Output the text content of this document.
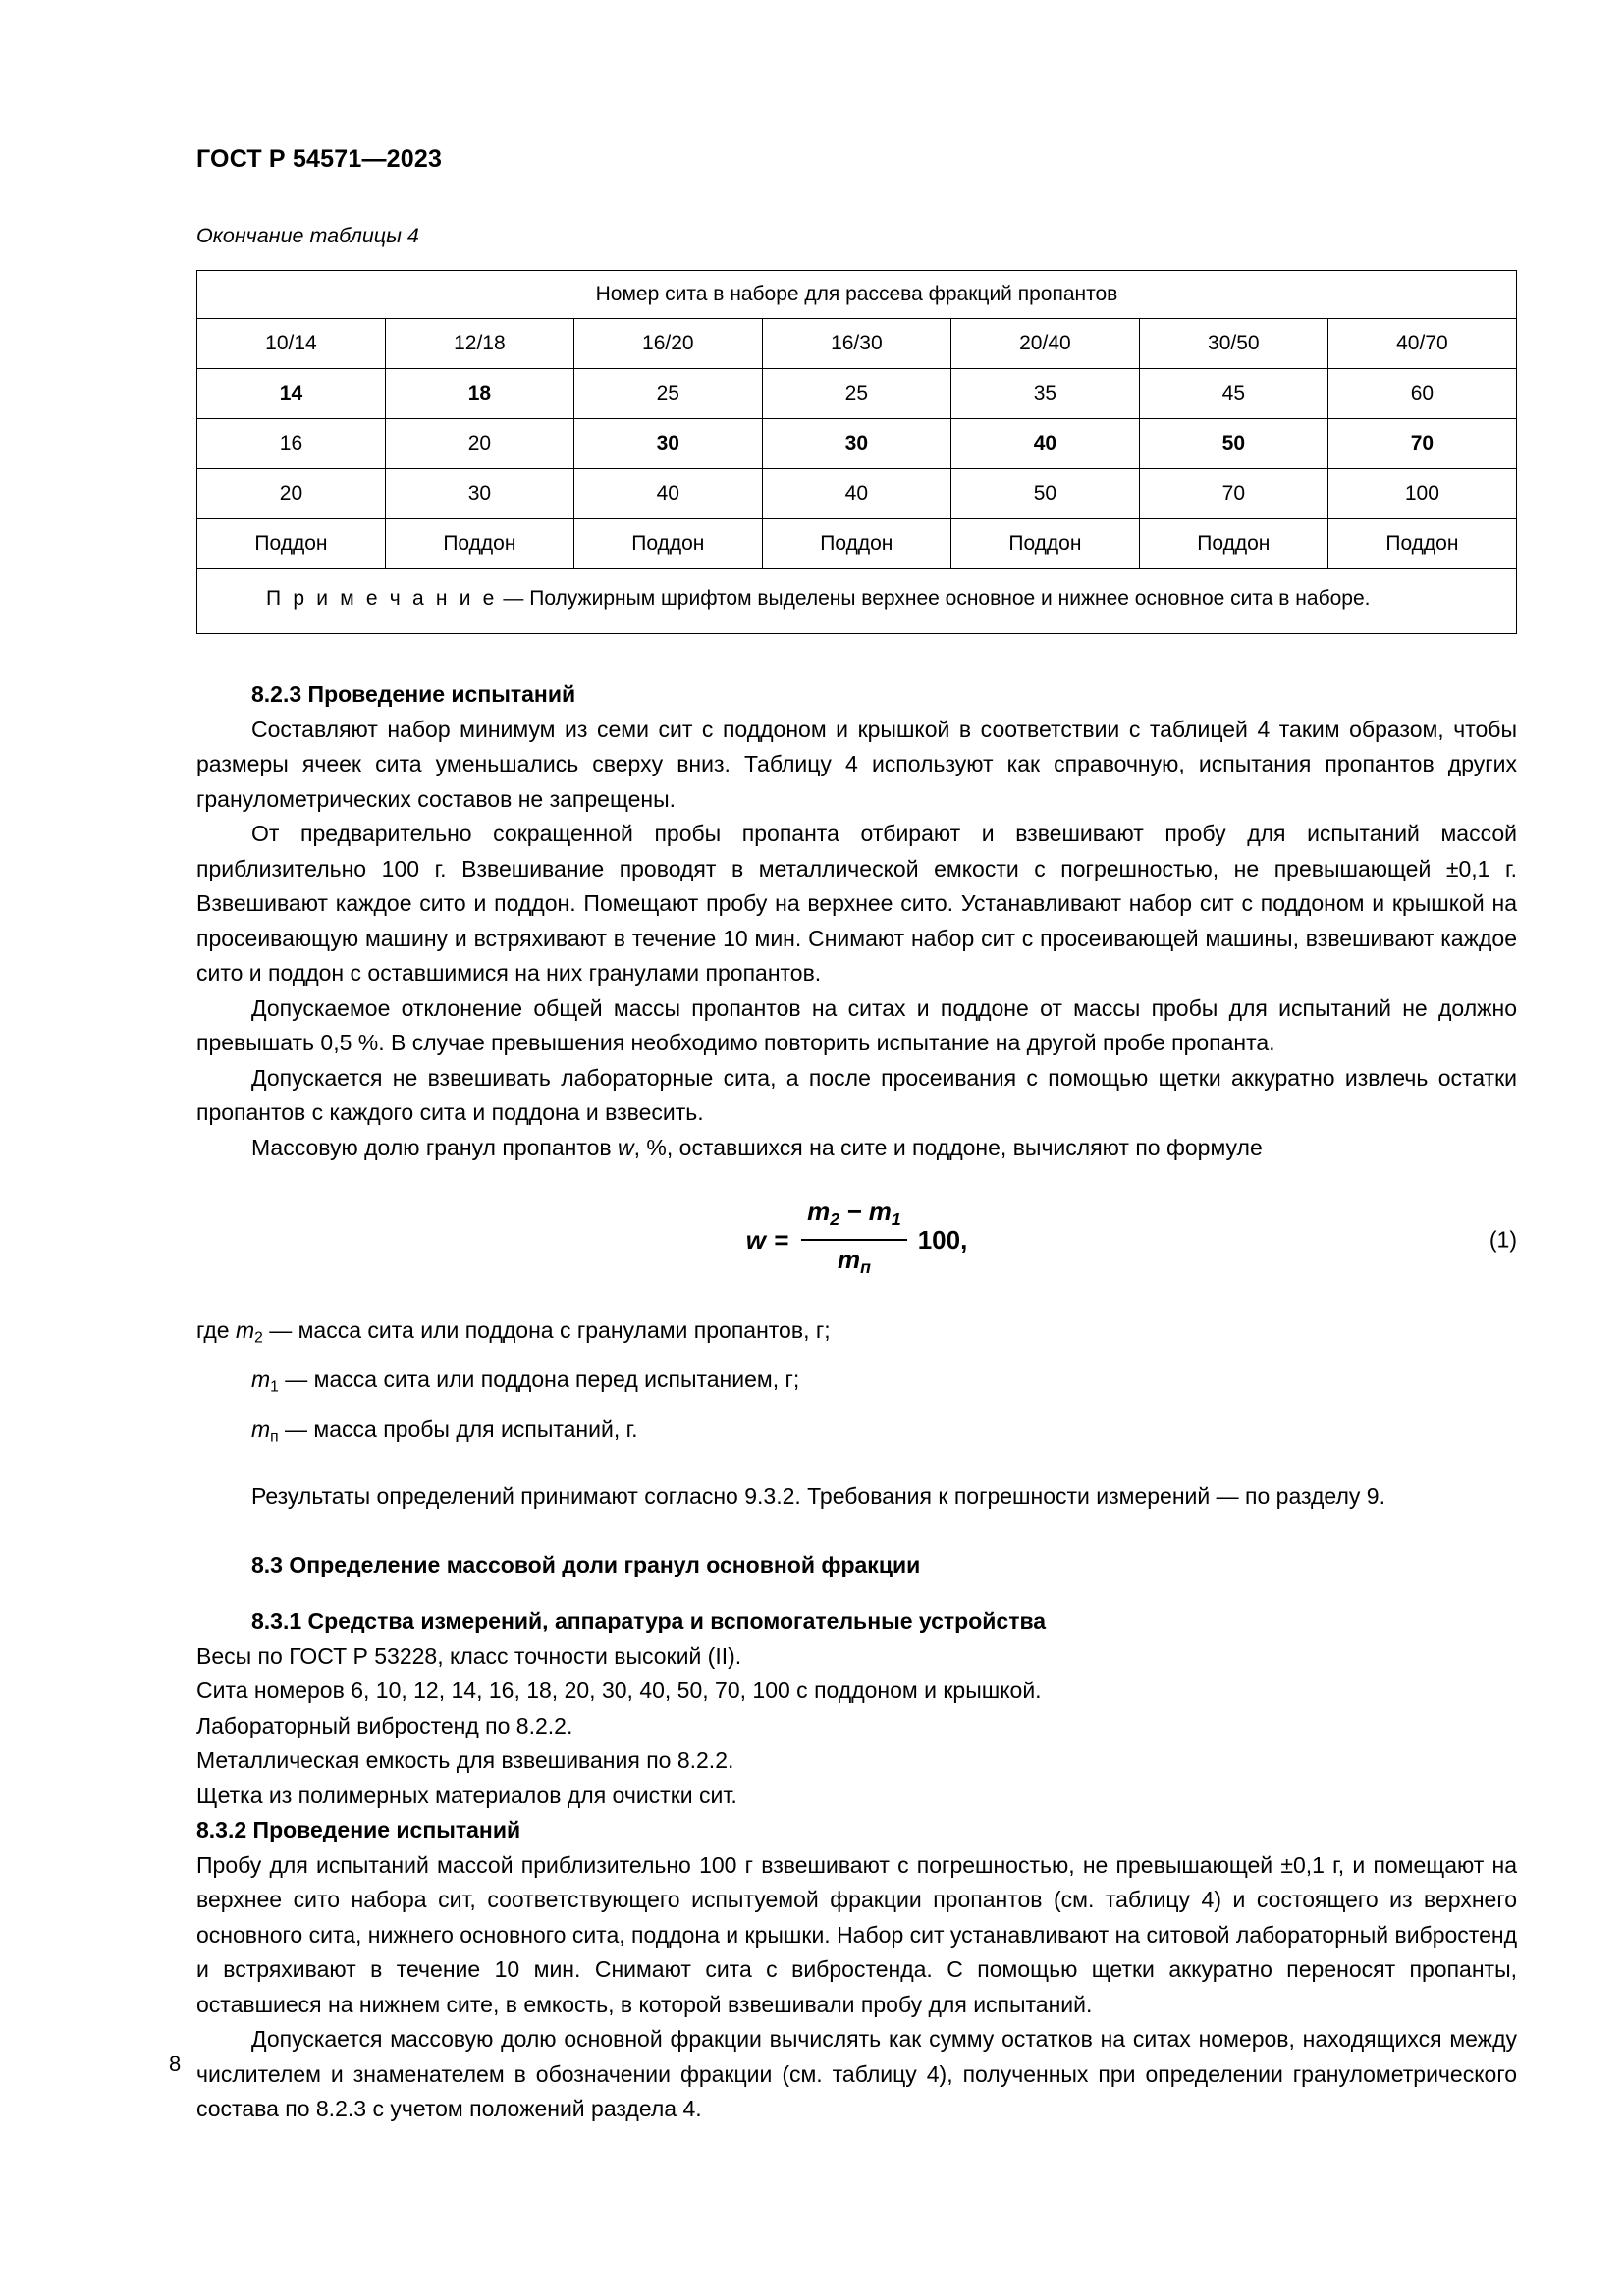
ГОСТ Р 54571—2023
Окончание таблицы 4
Номер сита в наборе для рассева фракций пропантов						
10/14	12/18	16/20	16/30	20/40	30/50	40/70
14	18	25	25	35	45	60
16	20	30	30	40	50	70
20	30	40	40	50	70	100
Поддон	Поддон	Поддон	Поддон	Поддон	Поддон	Поддон
П р и м е ч а н и е — Полужирным шрифтом выделены верхнее основное и нижнее основное сита в наборе.						
8.2.3 Проведение испытаний

Составляют набор минимум из семи сит с поддоном и крышкой в соответствии с таблицей 4 таким образом, чтобы размеры ячеек сита уменьшались сверху вниз. Таблицу 4 используют как справочную, испытания пропантов других гранулометрических составов не запрещены.

От предварительно сокращенной пробы пропанта отбирают и взвешивают пробу для испытаний массой приблизительно 100 г. Взвешивание проводят в металлической емкости с погрешностью, не превышающей ±0,1 г. Взвешивают каждое сито и поддон. Помещают пробу на верхнее сито. Устанавливают набор сит с поддоном и крышкой на просеивающую машину и встряхивают в течение 10 мин. Снимают набор сит с просеивающей машины, взвешивают каждое сито и поддон с оставшимися на них гранулами пропантов.

Допускаемое отклонение общей массы пропантов на ситах и поддоне от массы пробы для испытаний не должно превышать 0,5 %. В случае превышения необходимо повторить испытание на другой пробе пропанта.

Допускается не взвешивать лабораторные сита, а после просеивания с помощью щетки аккуратно извлечь остатки пропантов с каждого сита и поддона и взвесить.

Массовую долю гранул пропантов w, %, оставшихся на сите и поддоне, вычисляют по формуле

$w = \frac{m_2 - m_1}{m_п} 100$,	(1)

где $m_2$ — масса сита или поддона с гранулами пропантов, г;

$m_1$ — масса сита или поддона перед испытанием, г;

$m_п$ — масса пробы для испытаний, г.

Результаты определений принимают согласно 9.3.2. Требования к погрешности измерений — по разделу 9.

8.3 Определение массовой доли гранул основной фракции
8.3.1 Средства измерений, аппаратура и вспомогательные устройства

Весы по ГОСТ Р 53228, класс точности высокий (II).

Сита номеров 6, 10, 12, 14, 16, 18, 20, 30, 40, 50, 70, 100 с поддоном и крышкой.

Лабораторный вибростенд по 8.2.2.

Металлическая емкость для взвешивания по 8.2.2.

Щетка из полимерных материалов для очистки сит.

8.3.2 Проведение испытаний

Пробу для испытаний массой приблизительно 100 г взвешивают с погрешностью, не превышающей ±0,1 г, и помещают на верхнее сито набора сит, соответствующего испытуемой фракции пропантов (см. таблицу 4) и состоящего из верхнего основного сита, нижнего основного сита, поддона и крышки. Набор сит устанавливают на ситовой лабораторный вибростенд и встряхивают в течение 10 мин. Снимают сита с вибростенда. С помощью щетки аккуратно переносят пропанты, оставшиеся на нижнем сите, в емкость, в которой взвешивали пробу для испытаний.

Допускается массовую долю основной фракции вычислять как сумму остатков на ситах номеров, находящихся между числителем и знаменателем в обозначении фракции (см. таблицу 4), полученных при определении гранулометрического состава по 8.2.3 с учетом положений раздела 4.

8
